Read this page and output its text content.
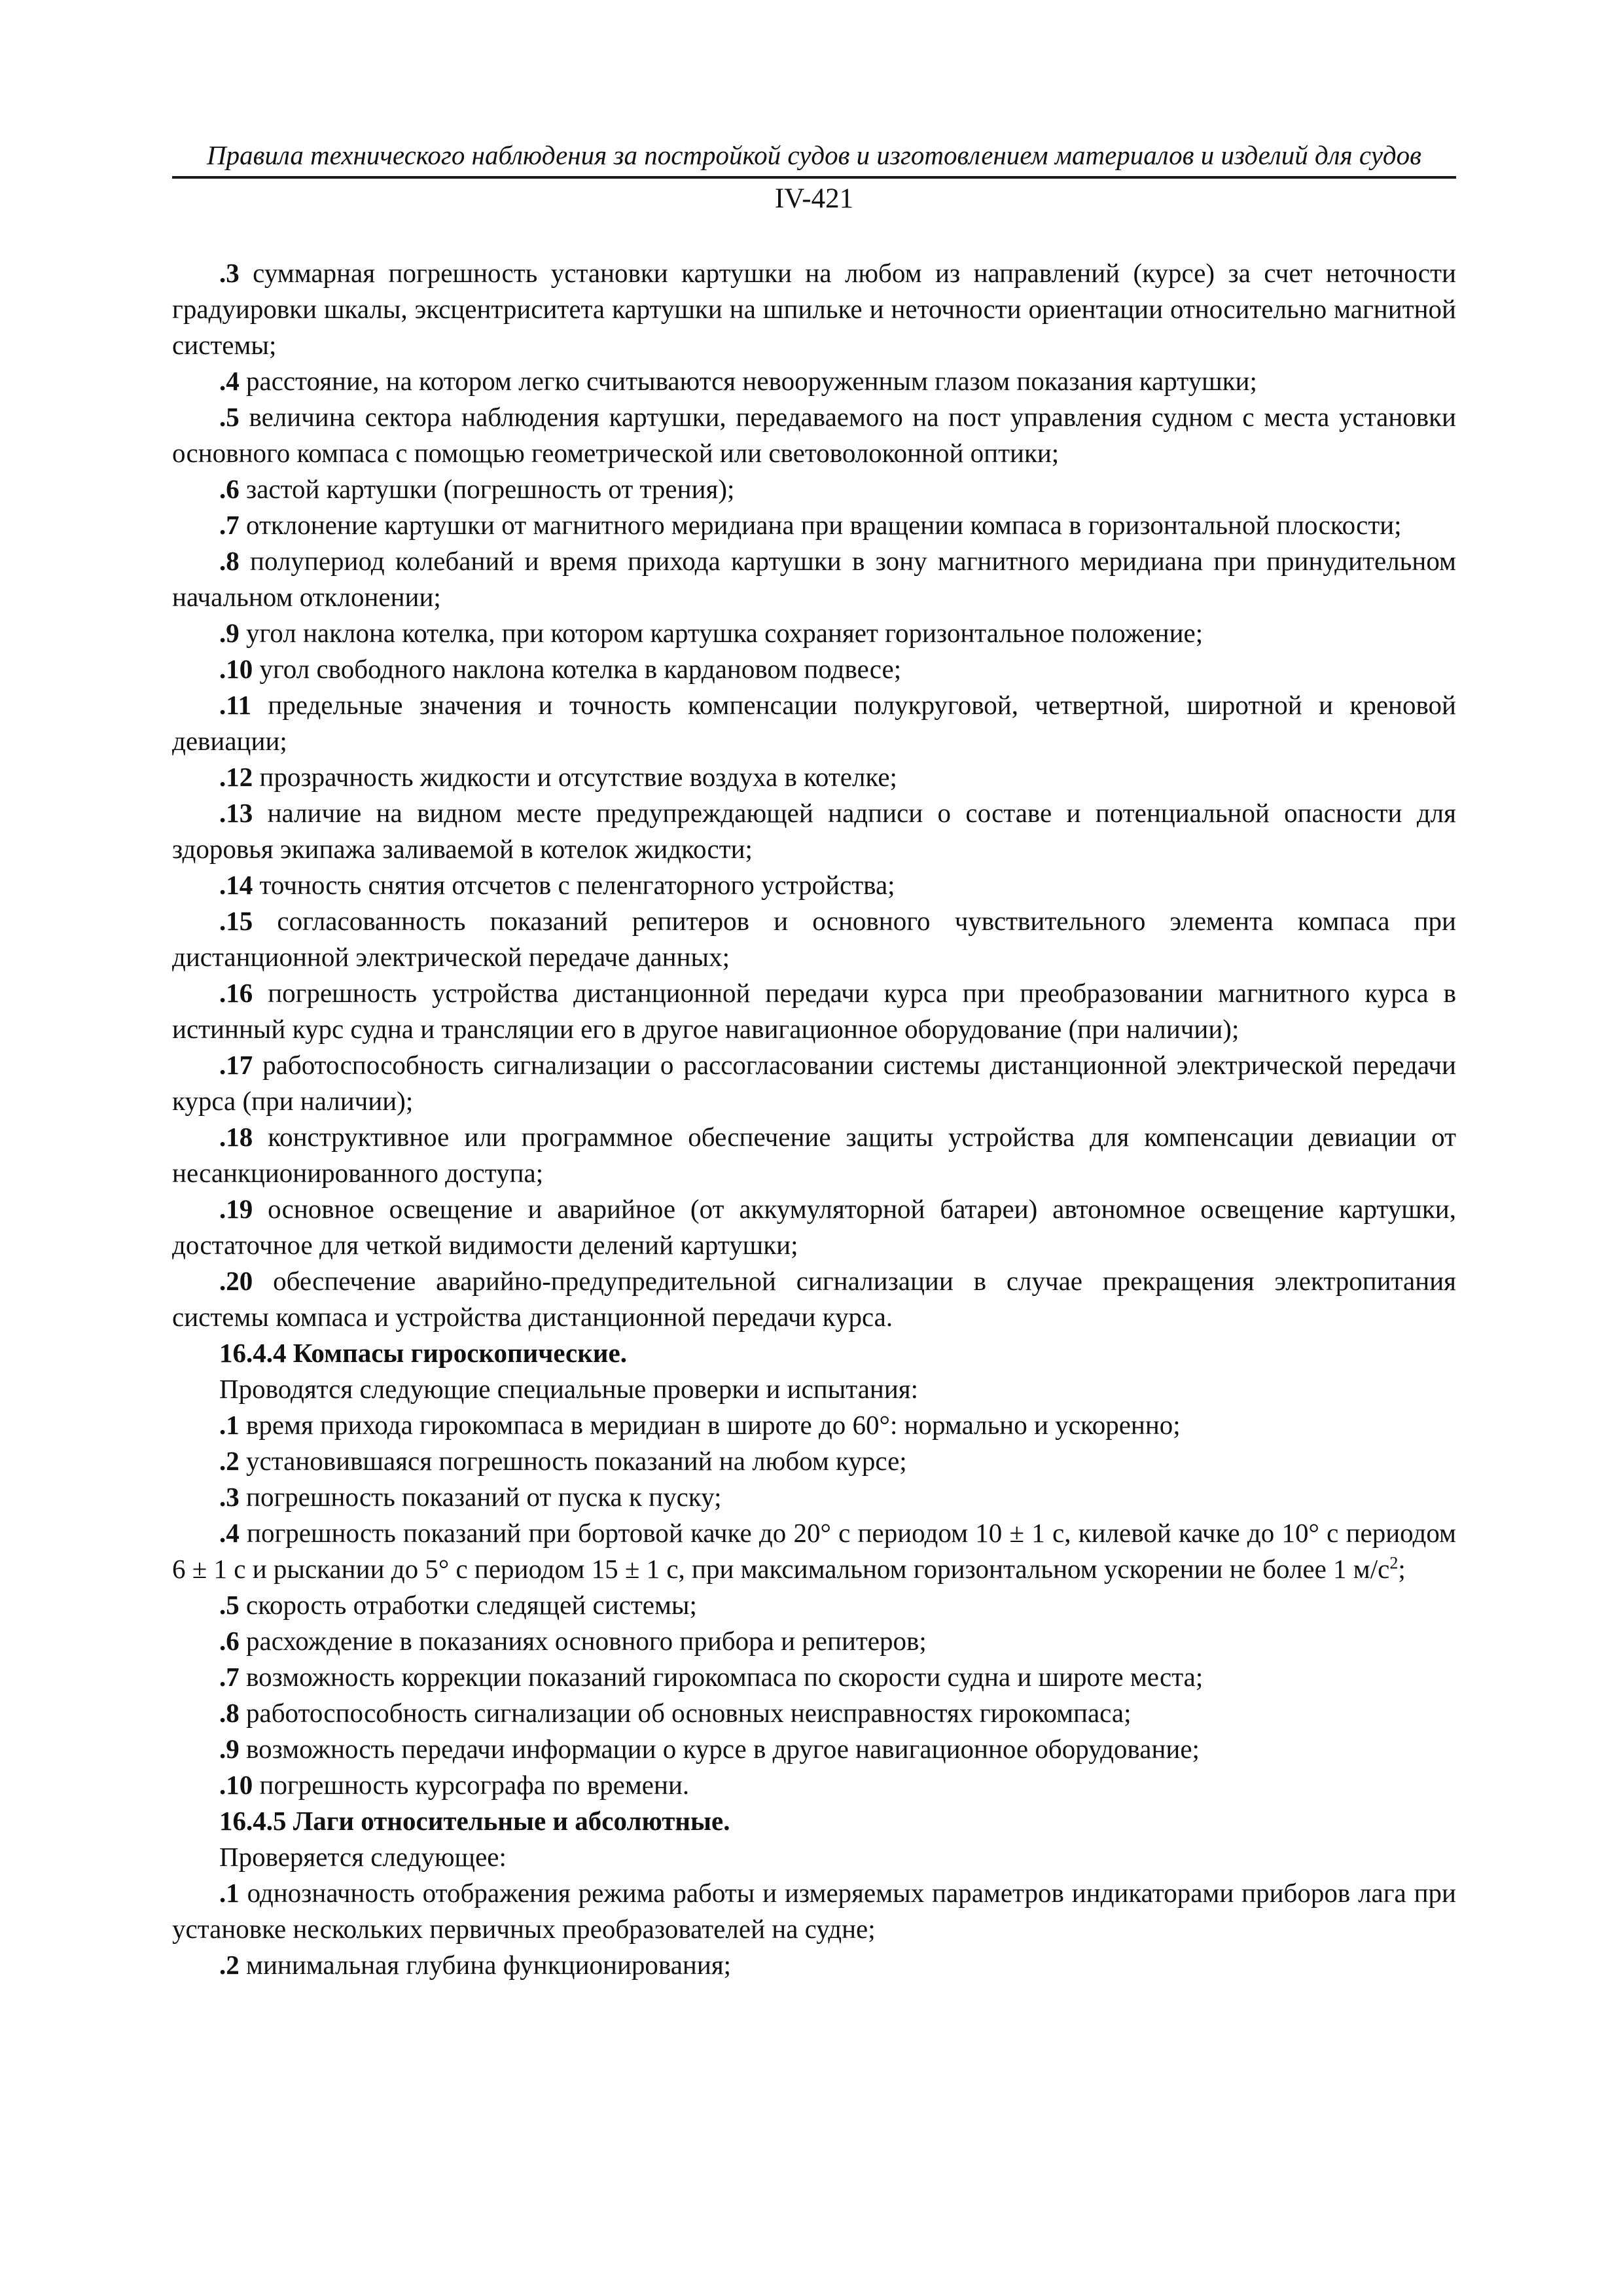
Правила технического наблюдения за постройкой судов и изготовлением материалов и изделий для судов
IV-421

.3 суммарная погрешность установки картушки на любом из направлений (курсе) за счет неточности градуировки шкалы, эксцентриситета картушки на шпильке и неточности ориентации относительно магнитной системы;

.4 расстояние, на котором легко считываются невооруженным глазом показания картушки;

.5 величина сектора наблюдения картушки, передаваемого на пост управления судном с места установки основного компаса с помощью геометрической или световолоконной оптики;

.6 застой картушки (погрешность от трения);

.7 отклонение картушки от магнитного меридиана при вращении компаса в горизонтальной плоскости;

.8 полупериод колебаний и время прихода картушки в зону магнитного меридиана при принудительном начальном отклонении;

.9 угол наклона котелка, при котором картушка сохраняет горизонтальное положение;

.10 угол свободного наклона котелка в кардановом подвесе;

.11 предельные значения и точность компенсации полукруговой, четвертной, широтной и креновой девиации;

.12 прозрачность жидкости и отсутствие воздуха в котелке;

.13 наличие на видном месте предупреждающей надписи о составе и потенциальной опасности для здоровья экипажа заливаемой в котелок жидкости;

.14 точность снятия отсчетов с пеленгаторного устройства;

.15 согласованность показаний репитеров и основного чувствительного элемента компаса при дистанционной электрической передаче данных;

.16 погрешность устройства дистанционной передачи курса при преобразовании магнитного курса в истинный курс судна и трансляции его в другое навигационное оборудование (при наличии);

.17 работоспособность сигнализации о рассогласовании системы дистанционной электрической передачи курса (при наличии);

.18 конструктивное или программное обеспечение защиты устройства для компенсации девиации от несанкционированного доступа;

.19 основное освещение и аварийное (от аккумуляторной батареи) автономное освещение картушки, достаточное для четкой видимости делений картушки;

.20 обеспечение аварийно-предупредительной сигнализации в случае прекращения электропитания системы компаса и устройства дистанционной передачи курса.

16.4.4 Компасы гироскопические.

Проводятся следующие специальные проверки и испытания:

.1 время прихода гирокомпаса в меридиан в широте до 60°: нормально и ускоренно;

.2 установившаяся погрешность показаний на любом курсе;

.3 погрешность показаний от пуска к пуску;

.4 погрешность показаний при бортовой качке до 20° с периодом 10 ± 1 с, килевой качке до 10° с периодом 6 ± 1 с и рыскании до 5° с периодом 15 ± 1 с, при максимальном горизонтальном ускорении не более 1 $м/с^2$;

.5 скорость отработки следящей системы;

.6 расхождение в показаниях основного прибора и репитеров;

.7 возможность коррекции показаний гирокомпаса по скорости судна и широте места;

.8 работоспособность сигнализации об основных неисправностях гирокомпаса;

.9 возможность передачи информации о курсе в другое навигационное оборудование;

.10 погрешность курсографа по времени.

16.4.5 Лаги относительные и абсолютные.

Проверяется следующее:

.1 однозначность отображения режима работы и измеряемых параметров индикаторами приборов лага при установке нескольких первичных преобразователей на судне;

.2 минимальная глубина функционирования;
